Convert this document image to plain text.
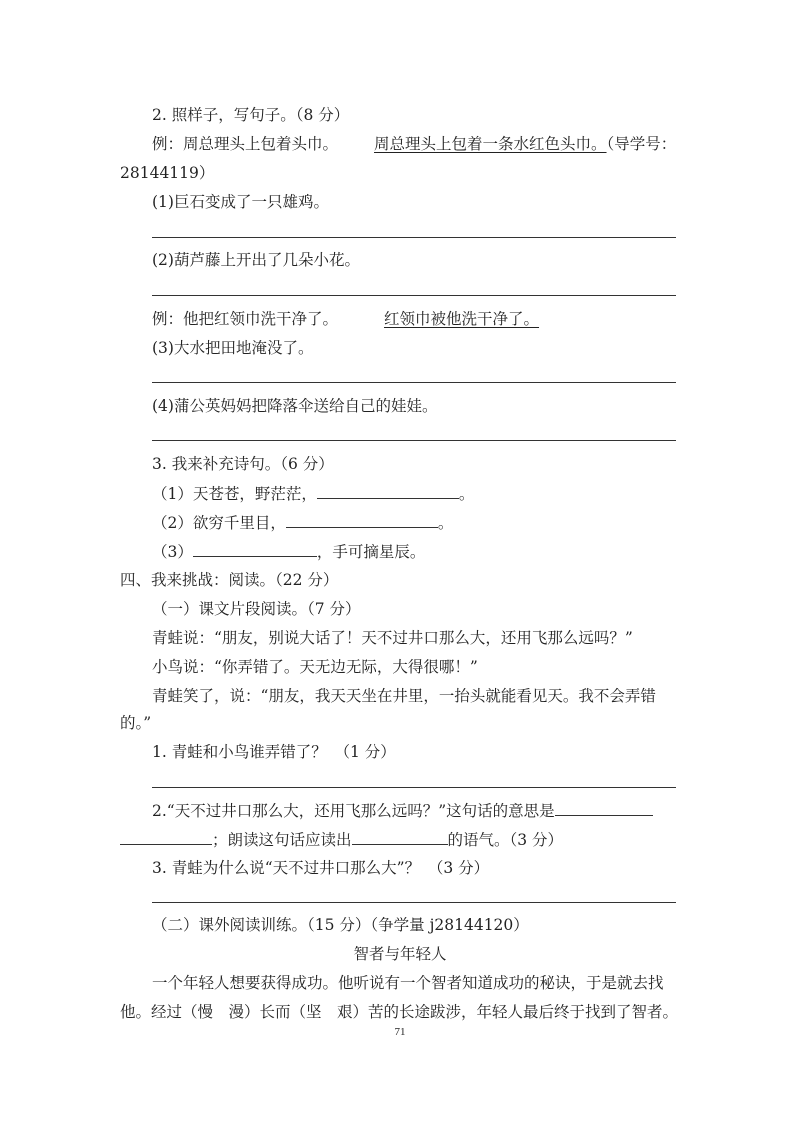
2. 照样子，写句子。（8 分）
例：周总理头上包着头巾。 周总理头上包着一条水红色头巾。（导学号：
28144119）
(1)巨石变成了一只雄鸡。
(2)葫芦藤上开出了几朵小花。
例：他把红领巾洗干净了。	红领巾被他洗干净了。
(3)大水把田地淹没了。
(4)蒲公英妈妈把降落伞送给自己的娃娃。
3. 我来补充诗句。（6 分）
（1）天苍苍，野茫茫，	。
（2）欲穷千里目，	。
（3）	，手可摘星辰。
四、我来挑战：阅读。（22 分）
（一）课文片段阅读。（7 分）
青蛙说：“朋友，别说大话了！天不过井口那么大，还用飞那么远吗？”
小鸟说：“你弄错了。天无边无际，大得很哪！”
青蛙笑了，说：“朋友，我天天坐在井里，一抬头就能看见天。我不会弄错
的。”
1. 青蛙和小鸟谁弄错了？　（1 分）
2.“天不过井口那么大，还用飞那么远吗？”这句话的意思是
；朗读这句话应读出	的语气。（3 分）
3. 青蛙为什么说“天不过井口那么大”？　（3 分）
（二）课外阅读训练。（15 分）（争学量 j28144120）
智者与年轻人
一个年轻人想要获得成功。他听说有一个智者知道成功的秘诀，于是就去找
他。经过（慢　漫）长而（坚　艰）苦的长途跋涉，年轻人最后终于找到了智者。
71
